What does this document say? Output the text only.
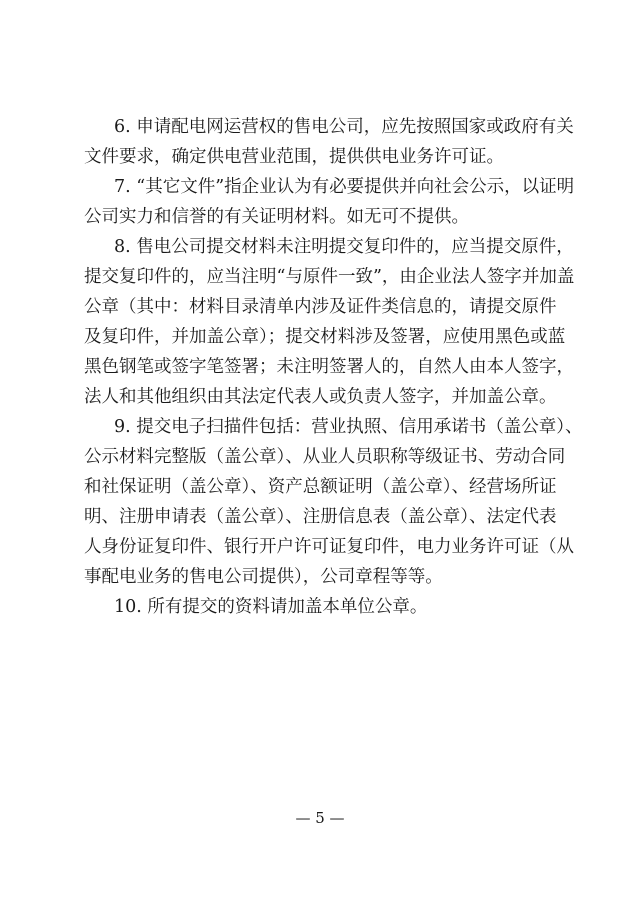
6. 申请配电网运营权的售电公司，应先按照国家或政府有关
文件要求，确定供电营业范围，提供供电业务许可证。

7. “其它文件”指企业认为有必要提供并向社会公示，以证明
公司实力和信誉的有关证明材料。如无可不提供。

8. 售电公司提交材料未注明提交复印件的，应当提交原件，
提交复印件的，应当注明“与原件一致”，由企业法人签字并加盖
公章（其中：材料目录清单内涉及证件类信息的，请提交原件
及复印件，并加盖公章）；提交材料涉及签署，应使用黑色或蓝
黑色钢笔或签字笔签署；未注明签署人的，自然人由本人签字，
法人和其他组织由其法定代表人或负责人签字，并加盖公章。

9. 提交电子扫描件包括：营业执照、信用承诺书（盖公章）、
公示材料完整版（盖公章）、从业人员职称等级证书、劳动合同
和社保证明（盖公章）、资产总额证明（盖公章）、经营场所证
明、注册申请表（盖公章）、注册信息表（盖公章）、法定代表
人身份证复印件、银行开户许可证复印件，电力业务许可证（从
事配电业务的售电公司提供），公司章程等等。

10. 所有提交的资料请加盖本单位公章。

— 5 —
